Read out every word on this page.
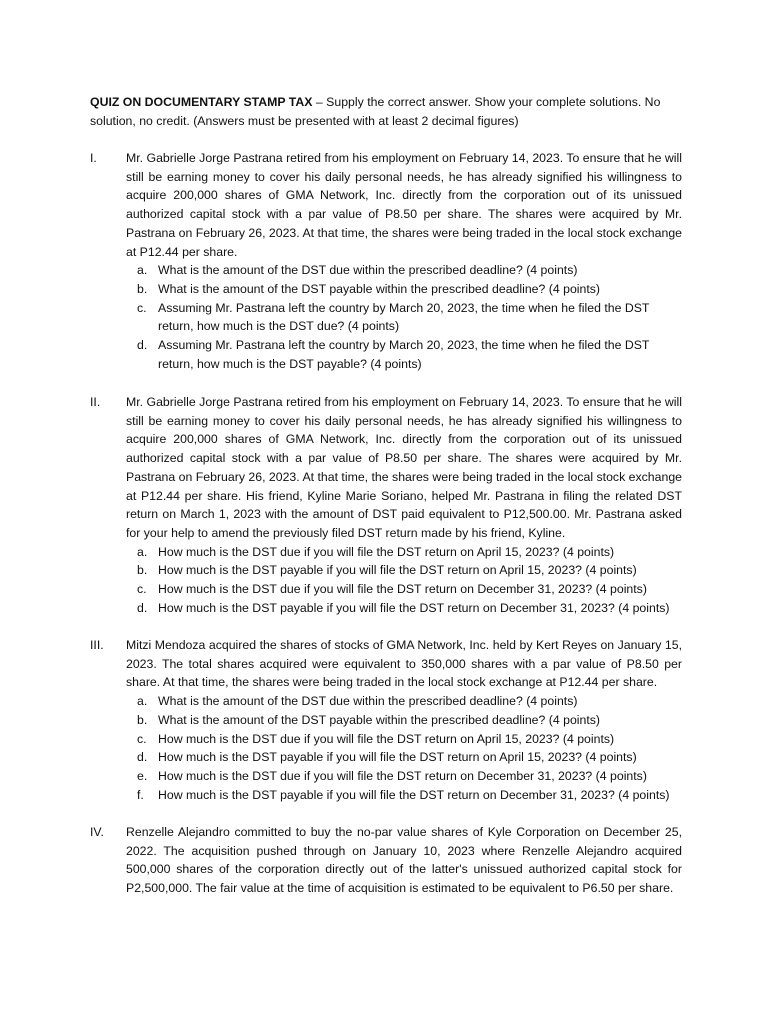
QUIZ ON DOCUMENTARY STAMP TAX – Supply the correct answer. Show your complete solutions. No solution, no credit. (Answers must be presented with at least 2 decimal figures)
I.	Mr. Gabrielle Jorge Pastrana retired from his employment on February 14, 2023. To ensure that he will still be earning money to cover his daily personal needs, he has already signified his willingness to acquire 200,000 shares of GMA Network, Inc. directly from the corporation out of its unissued authorized capital stock with a par value of P8.50 per share. The shares were acquired by Mr. Pastrana on February 26, 2023. At that time, the shares were being traded in the local stock exchange at P12.44 per share.
a. What is the amount of the DST due within the prescribed deadline? (4 points)
b. What is the amount of the DST payable within the prescribed deadline? (4 points)
c. Assuming Mr. Pastrana left the country by March 20, 2023, the time when he filed the DST return, how much is the DST due? (4 points)
d. Assuming Mr. Pastrana left the country by March 20, 2023, the time when he filed the DST return, how much is the DST payable? (4 points)
II.	Mr. Gabrielle Jorge Pastrana retired from his employment on February 14, 2023. To ensure that he will still be earning money to cover his daily personal needs, he has already signified his willingness to acquire 200,000 shares of GMA Network, Inc. directly from the corporation out of its unissued authorized capital stock with a par value of P8.50 per share. The shares were acquired by Mr. Pastrana on February 26, 2023. At that time, the shares were being traded in the local stock exchange at P12.44 per share. His friend, Kyline Marie Soriano, helped Mr. Pastrana in filing the related DST return on March 1, 2023 with the amount of DST paid equivalent to P12,500.00. Mr. Pastrana asked for your help to amend the previously filed DST return made by his friend, Kyline.
a. How much is the DST due if you will file the DST return on April 15, 2023? (4 points)
b. How much is the DST payable if you will file the DST return on April 15, 2023? (4 points)
c. How much is the DST due if you will file the DST return on December 31, 2023? (4 points)
d. How much is the DST payable if you will file the DST return on December 31, 2023? (4 points)
III.	Mitzi Mendoza acquired the shares of stocks of GMA Network, Inc. held by Kert Reyes on January 15, 2023. The total shares acquired were equivalent to 350,000 shares with a par value of P8.50 per share. At that time, the shares were being traded in the local stock exchange at P12.44 per share.
a. What is the amount of the DST due within the prescribed deadline? (4 points)
b. What is the amount of the DST payable within the prescribed deadline? (4 points)
c. How much is the DST due if you will file the DST return on April 15, 2023? (4 points)
d. How much is the DST payable if you will file the DST return on April 15, 2023? (4 points)
e. How much is the DST due if you will file the DST return on December 31, 2023? (4 points)
f. How much is the DST payable if you will file the DST return on December 31, 2023? (4 points)
IV.	Renzelle Alejandro committed to buy the no-par value shares of Kyle Corporation on December 25, 2022. The acquisition pushed through on January 10, 2023 where Renzelle Alejandro acquired 500,000 shares of the corporation directly out of the latter's unissued authorized capital stock for P2,500,000. The fair value at the time of acquisition is estimated to be equivalent to P6.50 per share.
